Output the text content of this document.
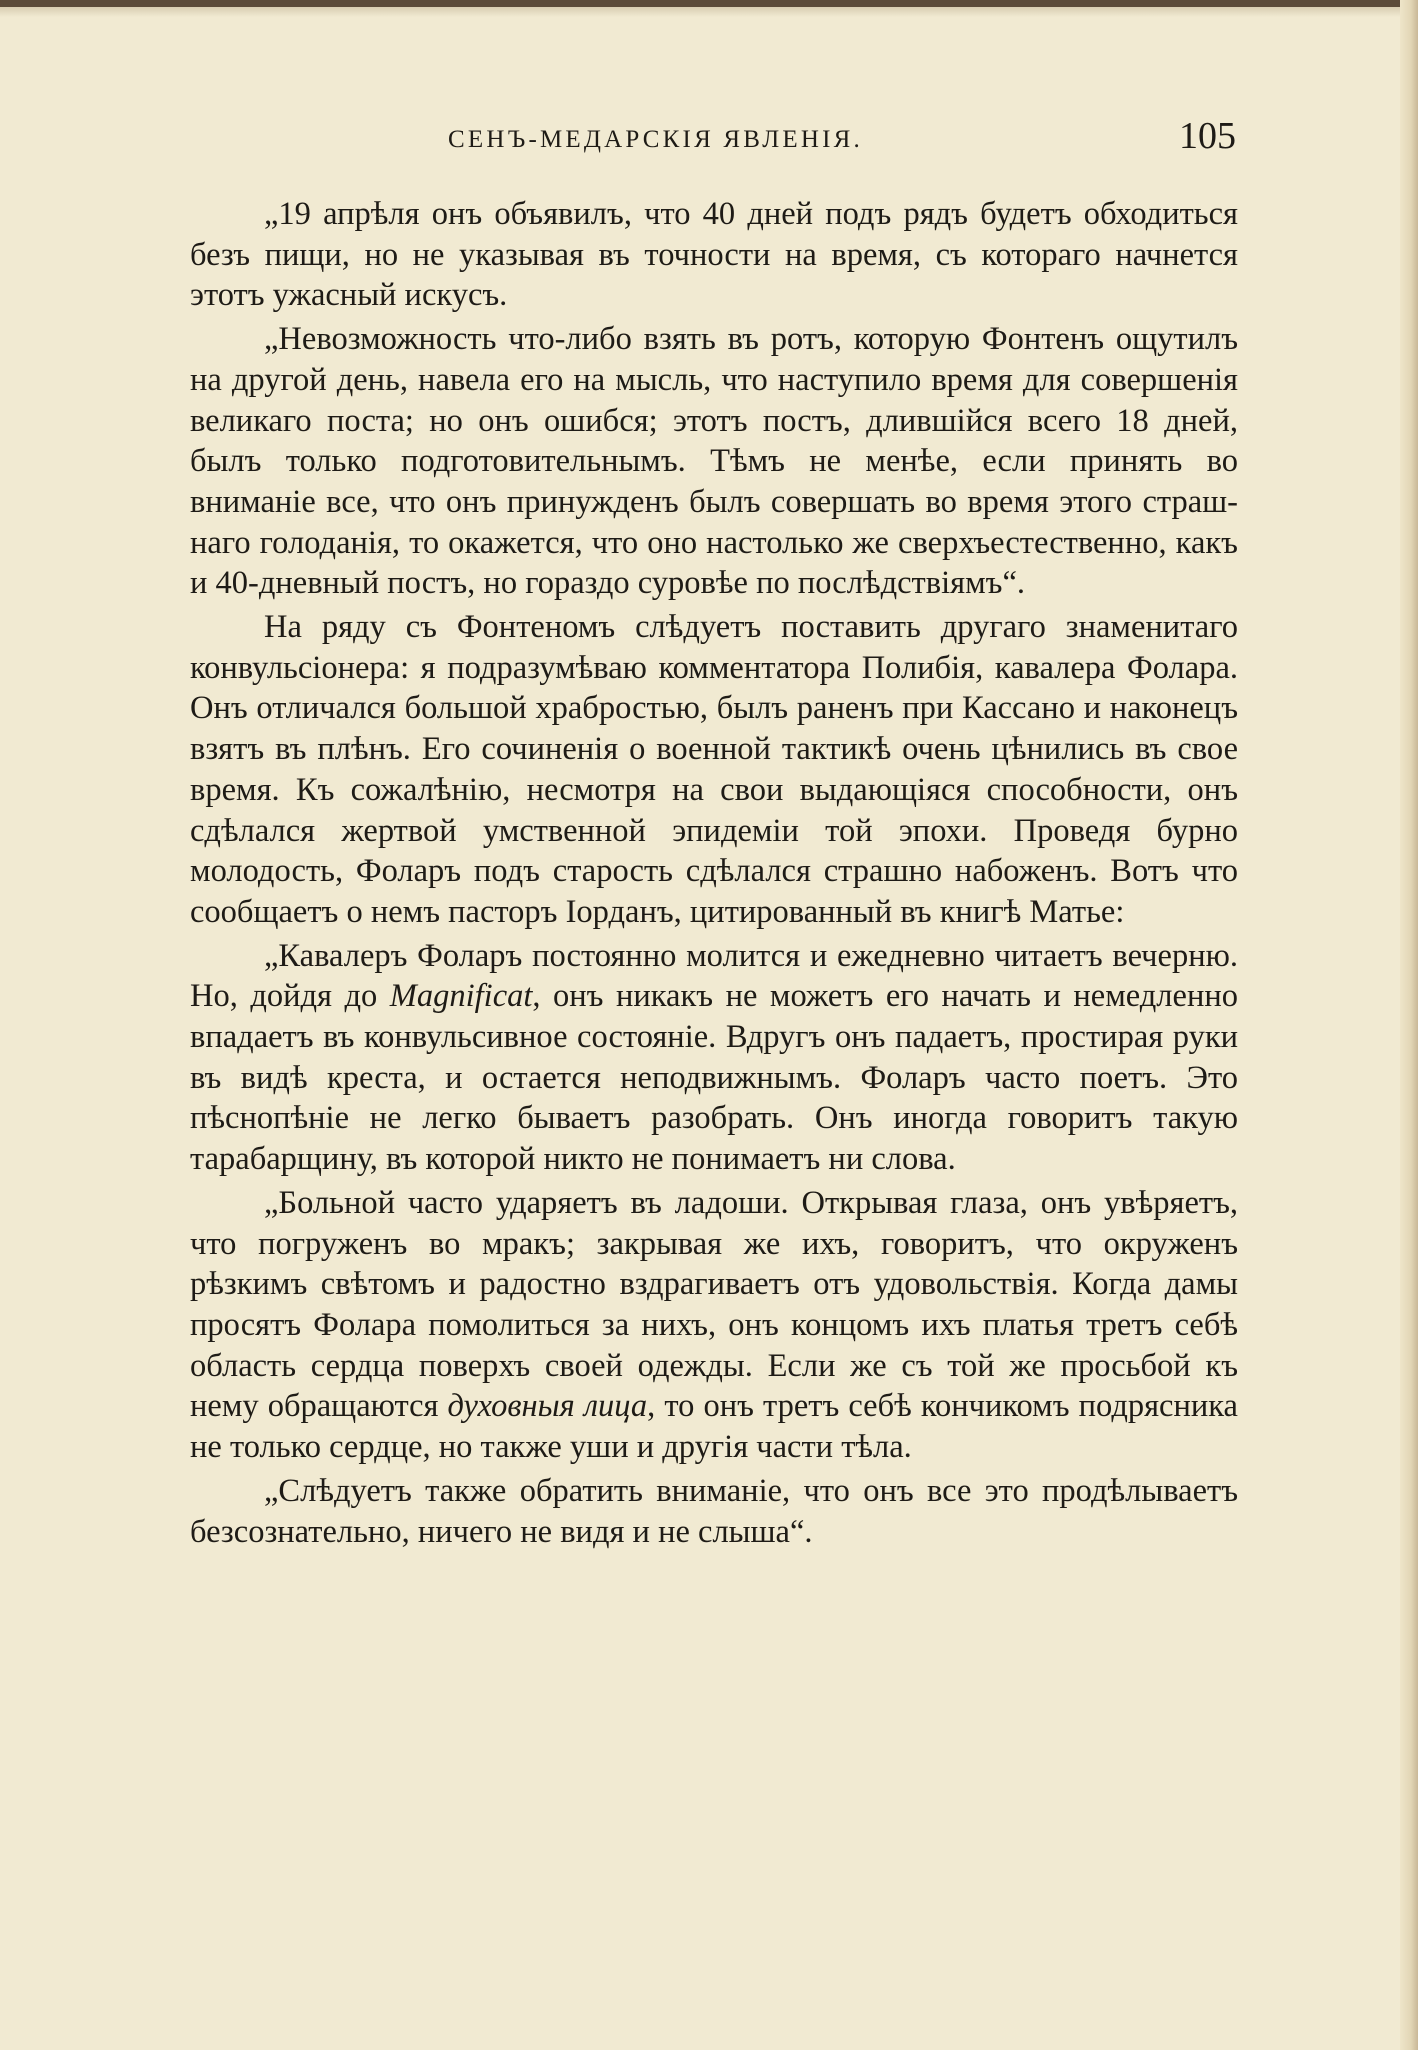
СЕНЪ-МЕДАРСКІЯ ЯВЛЕНІЯ.	105

„19 апрѣля онъ объявилъ, что 40 дней подъ рядъ будетъ обходиться безъ пищи, но не указывая въ точности на время, съ котораго начнется этотъ ужасный искусъ.

„Невозможность что-либо взять въ ротъ, которую Фонтенъ ощутилъ на другой день, навела его на мысль, что наступило время для совершенія великаго поста; но онъ ошибся; этотъ постъ, длившійся всего 18 дней, былъ только подготовительнымъ. Тѣмъ не менѣе, если принять во вниманіе все, что онъ принужденъ былъ совершать во время этого страшнаго голоданія, то окажется, что оно настолько же сверхъестественно, какъ и 40-дневный постъ, но гораздо суровѣе по послѣдствіямъ“.

На ряду съ Фонтеномъ слѣдуетъ поставить другаго знаменитаго конвульсіонера: я подразумѣваю комментатора Полибія, кавалера Фолара. Онъ отличался большой храбростью, былъ раненъ при Кассано и наконецъ взятъ въ плѣнъ. Его сочиненія о военной тактикѣ очень цѣнились въ свое время. Къ сожалѣнію, несмотря на свои выдающіяся способности, онъ сдѣлался жертвой умственной эпидеміи той эпохи. Проведя бурно молодость, Фоларъ подъ старость сдѣлался страшно набоженъ. Вотъ что сообщаетъ о немъ пасторъ Іорданъ, цитированный въ книгѣ Матье:

„Кавалеръ Фоларъ постоянно молится и ежедневно читаетъ вечерню. Но, дойдя до Magnificat, онъ никакъ не можетъ его начать и немедленно впадаетъ въ конвульсивное состояніе. Вдругъ онъ падаетъ, простирая руки въ видѣ креста, и остается неподвижнымъ. Фоларъ часто поетъ. Это пѣснопѣніе не легко бываетъ разобрать. Онъ иногда говоритъ такую тарабарщину, въ которой никто не понимаетъ ни слова.

„Больной часто ударяетъ въ ладоши. Открывая глаза, онъ увѣряетъ, что погруженъ во мракъ; закрывая же ихъ, говоритъ, что окруженъ рѣзкимъ свѣтомъ и радостно вздрагиваетъ отъ удовольствія. Когда дамы просятъ Фолара помолиться за нихъ, онъ концомъ ихъ платья третъ себѣ область сердца поверхъ своей одежды. Если же съ той же просьбой къ нему обращаются духовныя лица, то онъ третъ себѣ кончикомъ подрясника не только сердце, но также уши и другія части тѣла.

„Слѣдуетъ также обратить вниманіе, что онъ все это продѣлываетъ безсознательно, ничего не видя и не слыша“.
